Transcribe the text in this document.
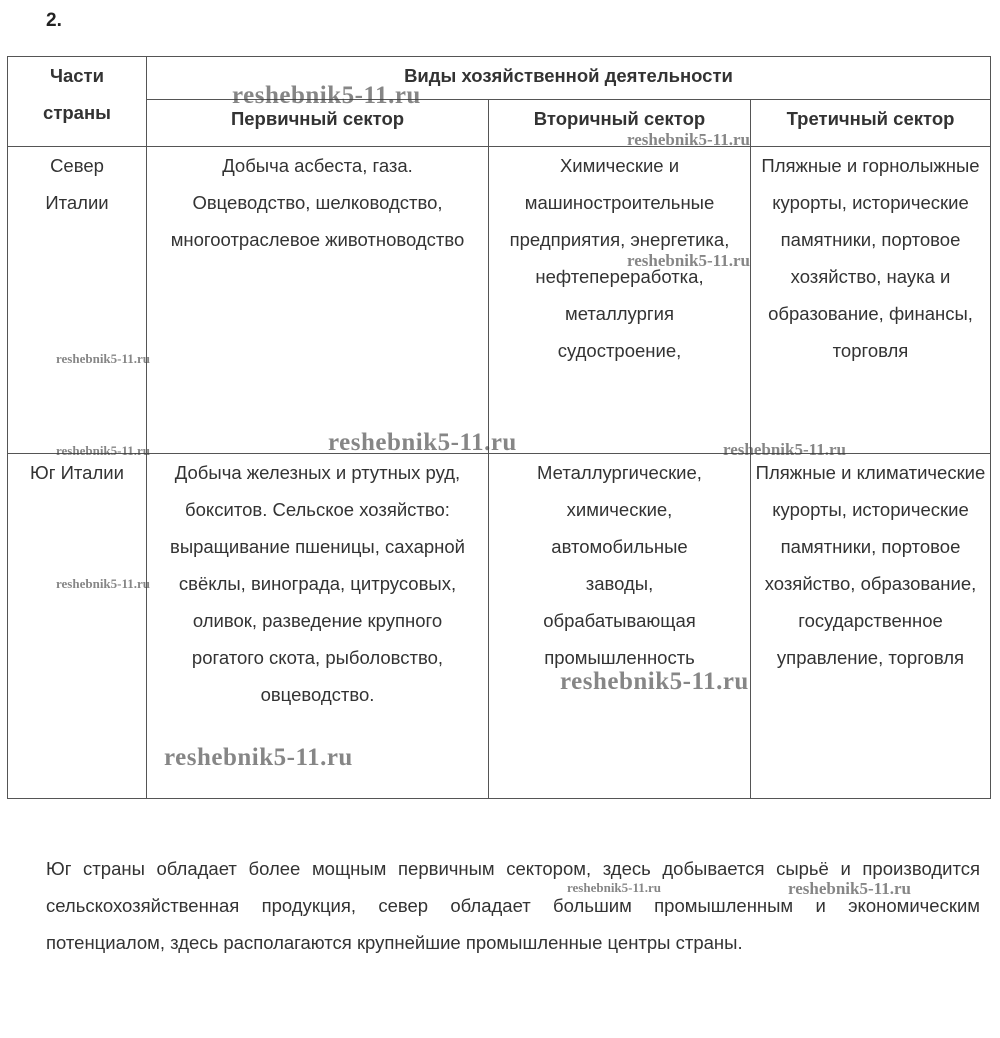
2.
Части страны	Виды хозяйственной деятельности		
	Первичный сектор	Вторичный сектор	Третичный сектор

Север Италии	Добыча асбеста, газа. Овцеводство, шелководство, многоотраслевое животноводство	Химические и машиностроительные предприятия, энергетика, нефтепереработка, металлургия судостроение,	Пляжные и горнолыжные курорты, исторические памятники, портовое хозяйство, наука и образование, финансы, торговля

Юг Италии	Добыча железных и ртутных руд, бокситов. Сельское хозяйство: выращивание пшеницы, сахарной свёклы, винограда, цитрусовых, оливок, разведение крупного рогатого скота, рыболовство, овцеводство.	Металлургические, химические, автомобильные заводы, обрабатывающая промышленность	Пляжные и климатические курорты, исторические памятники, портовое хозяйство, образование, государственное управление, торговля
Юг страны обладает более мощным первичным сектором, здесь добывается сырьё и производится сельскохозяйственная продукция, север обладает большим промышленным и экономическим потенциалом, здесь располагаются крупнейшие промышленные центры страны.
reshebnik5-11.ru
reshebnik5-11.ru
reshebnik5-11.ru
reshebnik5-11.ru
reshebnik5-11.ru	reshebnik5-11.ru	reshebnik5-11.ru
reshebnik5-11.ru
reshebnik5-11.ru
reshebnik5-11.ru
reshebnik5-11.ru	reshebnik5-11.ru
